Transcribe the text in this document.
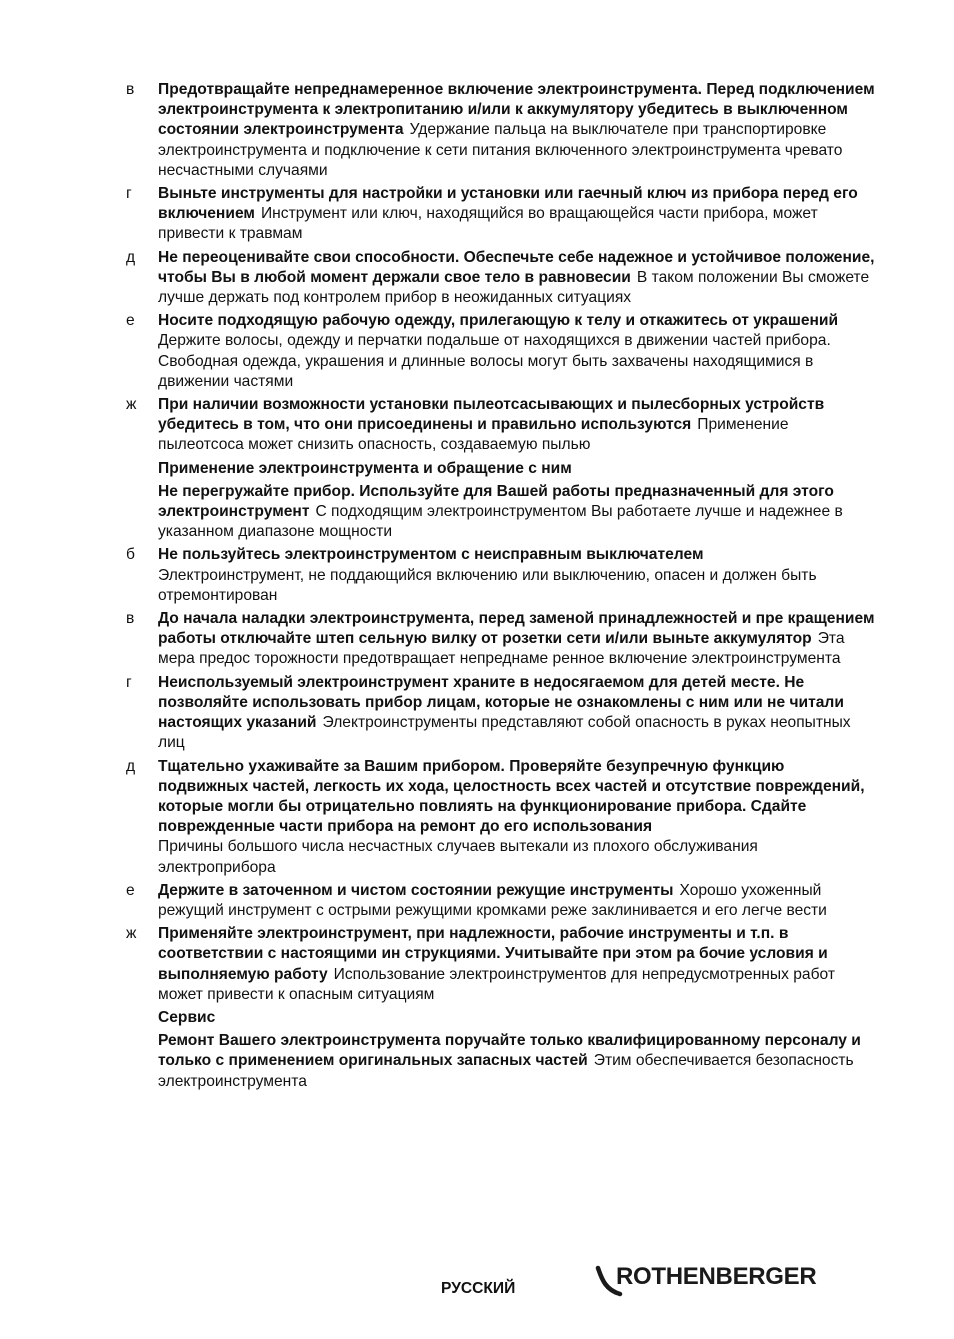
в Предотвращайте непреднамеренное включение электроинструмента. Перед подключением электроинструмента к электропитанию и/или к аккумулятору убедитесь в выключенном состоянии электроинструмента Удержание пальца на выключателе при транспортировке электроинструмента и подключение к сети питания включенного электроинструмента чревато несчастными случаями
г Выньте инструменты для настройки и установки или гаечный ключ из прибора перед его включением Инструмент или ключ, находящийся во вращающейся части прибора, может привести к травмам
д Не переоценивайте свои способности. Обеспечьте себе надежное и устойчивое положение, чтобы Вы в любой момент держали свое тело в равновесии В таком положении Вы сможете лучше держать под контролем прибор в неожиданных ситуациях
е Носите подходящую рабочую одежду, прилегающую к телу и откажитесь от украшенийДержите волосы, одежду и перчатки подальше от находящихся в движении частей прибора. Свободная одежда, украшения и длинные волосы могут быть захвачены находящимися в движении частями
ж При наличии возможности установки пылеотсасывающих и пылесборных устройств убедитесь в том, что они присоединены и правильно используются Применение пылеотсоса может снизить опасность, создаваемую пылью
Применение электроинструмента и обращение с ним
Не перегружайте прибор. Используйте для Вашей работы предназначенный для этого электроинструмент С подходящим электроинструментом Вы работаете лучше и надежнее в указанном диапазоне мощности
б Не пользуйтесь электроинструментом с неисправным выключателем
Электроинструмент, не поддающийся включению или выключению, опасен и должен быть отремонтирован
в До начала наладки электроинструмента, перед заменой принадлежностей и пре кращением работы отключайте штеп сельную вилку от розетки сети и/или выньте аккумулятор Эта мера предос торожности предотвращает непреднаме ренное включение электроинструмента
г Неиспользуемый электроинструмент храните в недосягаемом для детей месте. Не позволяйте использовать прибор лицам, которые не ознакомлены с ним или не читали настоящих указаний Электроинструменты представляют собой опасность в руках неопытных лиц
д Тщательно ухаживайте за Вашим прибором. Проверяйте безупречную функцию подвижных частей, легкость их хода, целостность всех частей и отсутствие повреждений, которые могли бы отрицательно повлиять на функционирование прибора. Сдайте поврежденные части прибора на ремонт до его использования
Причины большого числа несчастных случаев вытекали из плохого обслуживания электроприбора
е Держите в заточенном и чистом состоянии режущие инструменты Хорошо ухоженный режущий инструмент с острыми режущими кромками реже заклинивается и его легче вести
ж Применяйте электроинструмент, при надлежности, рабочие инструменты и т.п. в соответствии с настоящими ин струкциями. Учитывайте при этом ра бочие условия и выполняемую работу Использование электроинструментов для непредусмотренных работ может привести к опасным ситуациям
Сервис
Ремонт Вашего электроинструмента поручайте только квалифицированному персоналу и только с применением оригинальных запасных частей Этим обеспечивается безопасность электроинструмента
РУССКИЙ	ROTHENBERGER
